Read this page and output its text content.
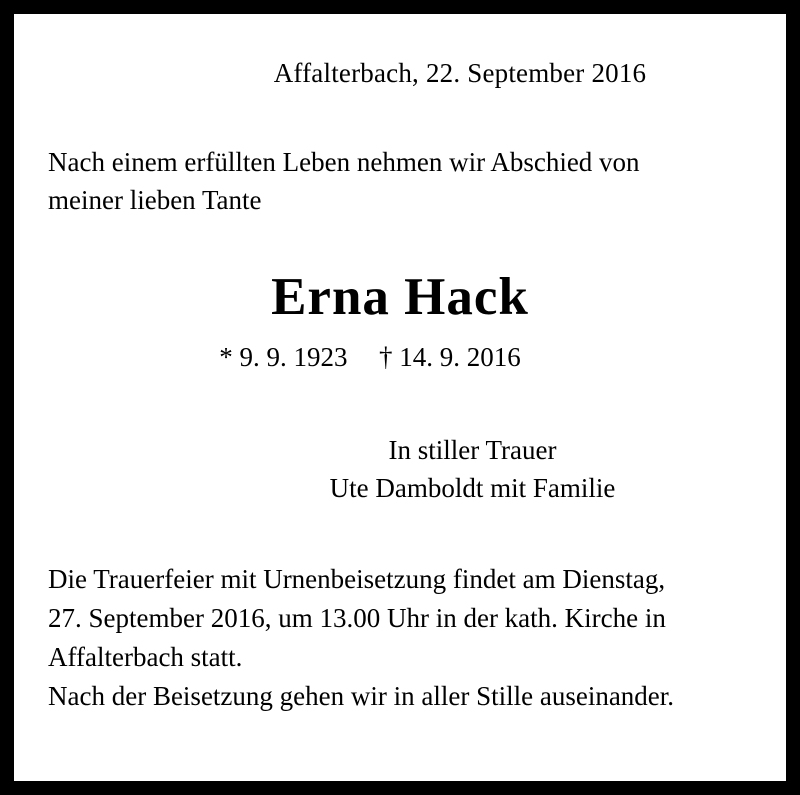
Affalterbach, 22. September 2016
Nach einem erfüllten Leben nehmen wir Abschied von
meiner lieben Tante
Erna Hack
* 9. 9. 1923 † 14. 9. 2016
In stiller Trauer
Ute Damboldt mit Familie
Die Trauerfeier mit Urnenbeisetzung findet am Dienstag,
27. September 2016, um 13.00 Uhr in der kath. Kirche in
Affalterbach statt.
Nach der Beisetzung gehen wir in aller Stille auseinander.
